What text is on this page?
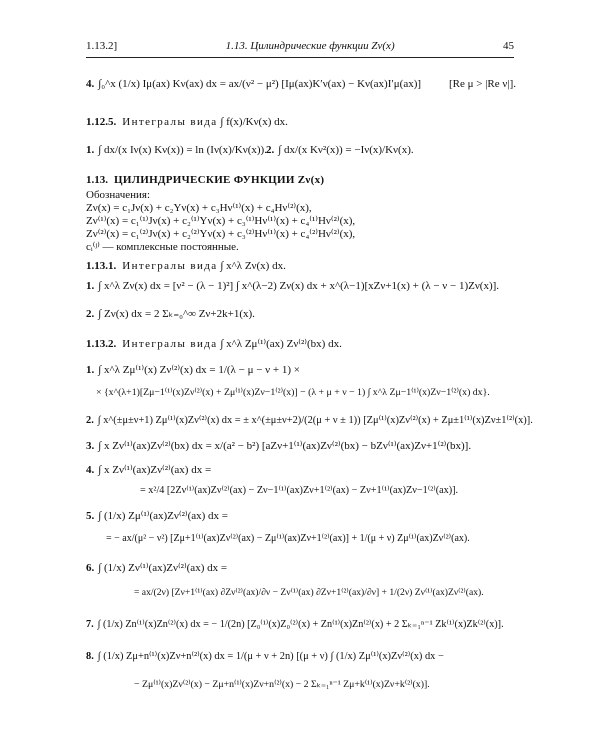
1.13.2]	1.13. Цилиндрические функции Zν(x)	45
4. ∫₀^x (1/x) Iμ(ax) Kν(ax) dx = ax/(ν² − μ²) [Iμ(ax)K′ν(ax) − Kν(ax)I′μ(ax)]	[Re μ > |Re ν|].
1.12.5. Интегралы вида ∫ f(x)/Kν(x) dx.
1. ∫ dx/(x Iν(x) Kν(x)) = ln (Iν(x)/Kν(x)). 2. ∫ dx/(x Kν²(x)) = −Iν(x)/Kν(x).
1.13. ЦИЛИНДРИЧЕСКИЕ ФУНКЦИИ Zν(x)
Обозначения:
Zν(x) = c₁Jν(x) + c₂Yν(x) + c₃Hν⁽¹⁾(x) + c₄Hν⁽²⁾(x),
Zν⁽¹⁾(x) = c₁⁽¹⁾Jν(x) + c₂⁽¹⁾Yν(x) + c₃⁽¹⁾Hν⁽¹⁾(x) + c₄⁽¹⁾Hν⁽²⁾(x),
Zν⁽²⁾(x) = c₁⁽²⁾Jν(x) + c₂⁽²⁾Yν(x) + c₃⁽²⁾Hν⁽¹⁾(x) + c₄⁽²⁾Hν⁽²⁾(x),
cᵢ⁽ʲ⁾ — комплексные постоянные.
1.13.1. Интегралы вида ∫ x^λ Zν(x) dx.
1. ∫ x^λ Zν(x) dx = [ν² − (λ − 1)²] ∫ x^(λ−2) Zν(x) dx + x^(λ−1)[xZν+1(x) + (λ − ν − 1)Zν(x)].
2. ∫ Zν(x) dx = 2 Σₖ₌₀^∞ Zν+2k+1(x).
1.13.2. Интегралы вида ∫ x^λ Zμ⁽¹⁾(ax) Zν⁽²⁾(bx) dx.
1. ∫ x^λ Zμ⁽¹⁾(x) Zν⁽²⁾(x) dx = 1/(λ − μ − ν + 1) ×
× {x^(λ+1)[Zμ−1⁽¹⁾(x)Zν⁽²⁾(x) + Zμ⁽¹⁾(x)Zν−1⁽²⁾(x)] − (λ + μ + ν − 1) ∫ x^λ Zμ−1⁽¹⁾(x)Zν−1⁽²⁾(x) dx}.
2. ∫ x^(±μ±ν+1) Zμ⁽¹⁾(x)Zν⁽²⁾(x) dx = ± x^(±μ±ν+2)/(2(μ + ν ± 1)) [Zμ⁽¹⁾(x)Zν⁽²⁾(x) + Zμ±1⁽¹⁾(x)Zν±1⁽²⁾(x)].
3. ∫ x Zν⁽¹⁾(ax)Zν⁽²⁾(bx) dx = x/(a² − b²) [aZν+1⁽¹⁾(ax)Zν⁽²⁾(bx) − bZν⁽¹⁾(ax)Zν+1⁽²⁾(bx)].
4. ∫ x Zν⁽¹⁾(ax)Zν⁽²⁾(ax) dx =
= x²/4 [2Zν⁽¹⁾(ax)Zν⁽²⁾(ax) − Zν−1⁽¹⁾(ax)Zν+1⁽²⁾(ax) − Zν+1⁽¹⁾(ax)Zν−1⁽²⁾(ax)].
5. ∫ (1/x) Zμ⁽¹⁾(ax)Zν⁽²⁾(ax) dx =
= − ax/(μ² − ν²) [Zμ+1⁽¹⁾(ax)Zν⁽²⁾(ax) − Zμ⁽¹⁾(ax)Zν+1⁽²⁾(ax)] + 1/(μ + ν) Zμ⁽¹⁾(ax)Zν⁽²⁾(ax).
6. ∫ (1/x) Zν⁽¹⁾(ax)Zν⁽²⁾(ax) dx =
= ax/(2ν) [Zν+1⁽¹⁾(ax) ∂Zν⁽²⁾(ax)/∂ν − Zν⁽¹⁾(ax) ∂Zν+1⁽²⁾(ax)/∂ν] + 1/(2ν) Zν⁽¹⁾(ax)Zν⁽²⁾(ax).
7. ∫ (1/x) Zn⁽¹⁾(x)Zn⁽²⁾(x) dx = − 1/(2n) [Z₀⁽¹⁾(x)Z₀⁽²⁾(x) + Zn⁽¹⁾(x)Zn⁽²⁾(x) + 2 Σₖ₌₁ⁿ⁻¹ Zk⁽¹⁾(x)Zk⁽²⁾(x)].
8. ∫ (1/x) Zμ+n⁽¹⁾(x)Zν+n⁽²⁾(x) dx = 1/(μ + ν + 2n) [(μ + ν) ∫ (1/x) Zμ⁽¹⁾(x)Zν⁽²⁾(x) dx −
− Zμ⁽¹⁾(x)Zν⁽²⁾(x) − Zμ+n⁽¹⁾(x)Zν+n⁽²⁾(x) − 2 Σₖ₌₁ⁿ⁻¹ Zμ+k⁽¹⁾(x)Zν+k⁽²⁾(x)].
